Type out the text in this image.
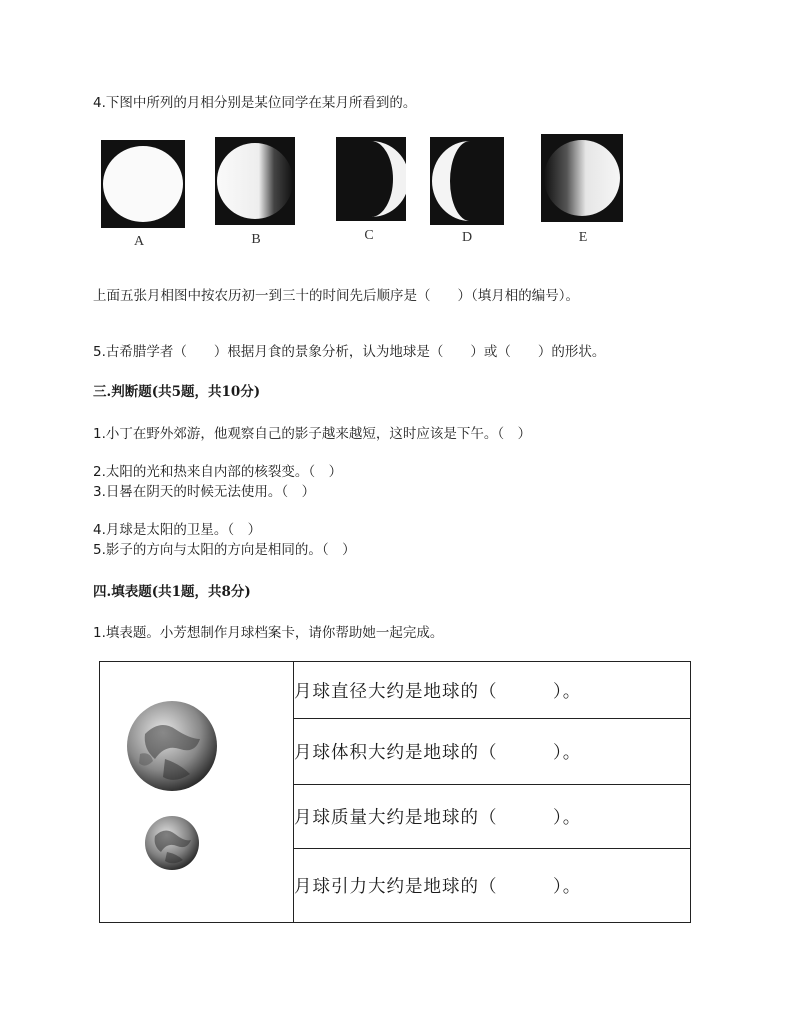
4.下图中所列的月相分别是某位同学在某月所看到的。
A	B	C	D	E
上面五张月相图中按农历初一到三十的时间先后顺序是（　　）（填月相的编号）。
5.古希腊学者（　　）根据月食的景象分析，认为地球是（　　）或（　　）的形状。
三.判断题(共5题，共10分)
1.小丁在野外郊游，他观察自己的影子越来越短，这时应该是下午。（　）
2.太阳的光和热来自内部的核裂变。（　）
3.日晷在阴天的时候无法使用。（　）
4.月球是太阳的卫星。（　）
5.影子的方向与太阳的方向是相同的。（　）
四.填表题(共1题，共8分)
1.填表题。小芳想制作月球档案卡，请你帮助她一起完成。
	月球直径大约是地球的（　　　）。
月球体积大约是地球的（　　　）。
月球质量大约是地球的（　　　）。
月球引力大约是地球的（　　　）。
